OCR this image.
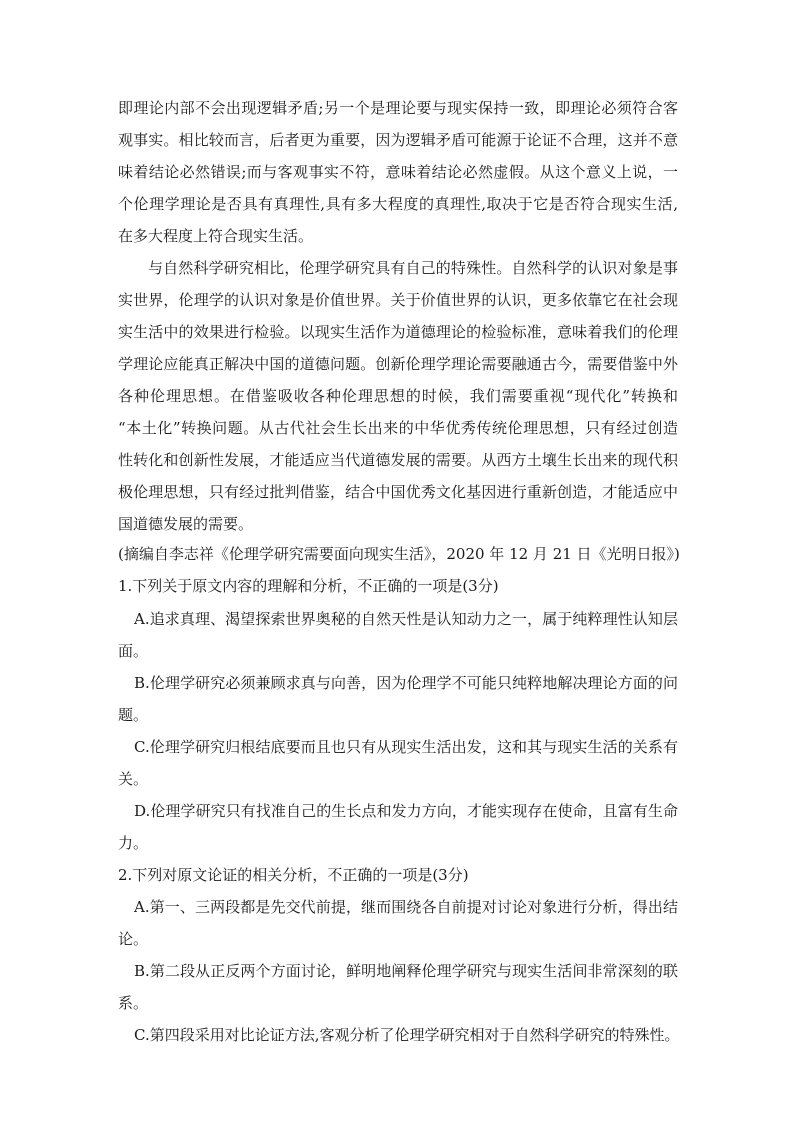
即理论内部不会出现逻辑矛盾;另一个是理论要与现实保持一致，即理论必须符合客
观事实。相比较而言，后者更为重要，因为逻辑矛盾可能源于论证不合理，这并不意
味着结论必然错误;而与客观事实不符，意味着结论必然虚假。从这个意义上说，一
个伦理学理论是否具有真理性,具有多大程度的真理性,取决于它是否符合现实生活,
在多大程度上符合现实生活。
与自然科学研究相比，伦理学研究具有自己的特殊性。自然科学的认识对象是事
实世界，伦理学的认识对象是价值世界。关于价值世界的认识，更多依靠它在社会现
实生活中的效果进行检验。以现实生活作为道德理论的检验标准，意味着我们的伦理
学理论应能真正解决中国的道德问题。创新伦理学理论需要融通古今，需要借鉴中外
各种伦理思想。在借鉴吸收各种伦理思想的时候，我们需要重视“现代化”转换和
“本土化”转换问题。从古代社会生长出来的中华优秀传统伦理思想，只有经过创造
性转化和创新性发展，才能适应当代道德发展的需要。从西方土壤生长出来的现代积
极伦理思想，只有经过批判借鉴，结合中国优秀文化基因进行重新创造，才能适应中
国道德发展的需要。
(摘编自李志祥《伦理学研究需要面向现实生活》，2020 年 12 月 21 日《光明日报》)
1.下列关于原文内容的理解和分析，不正确的一项是(3分)
A.追求真理、渴望探索世界奥秘的自然天性是认知动力之一，属于纯粹理性认知层
面。
B.伦理学研究必须兼顾求真与向善，因为伦理学不可能只纯粹地解决理论方面的问
题。
C.伦理学研究归根结底要而且也只有从现实生活出发，这和其与现实生活的关系有
关。
D.伦理学研究只有找准自己的生长点和发力方向，才能实现存在使命，且富有生命
力。
2.下列对原文论证的相关分析，不正确的一项是(3分)
A.第一、三两段都是先交代前提，继而围绕各自前提对讨论对象进行分析，得出结
论。
B.第二段从正反两个方面讨论，鲜明地阐释伦理学研究与现实生活间非常深刻的联
系。
C.第四段采用对比论证方法,客观分析了伦理学研究相对于自然科学研究的特殊性。
